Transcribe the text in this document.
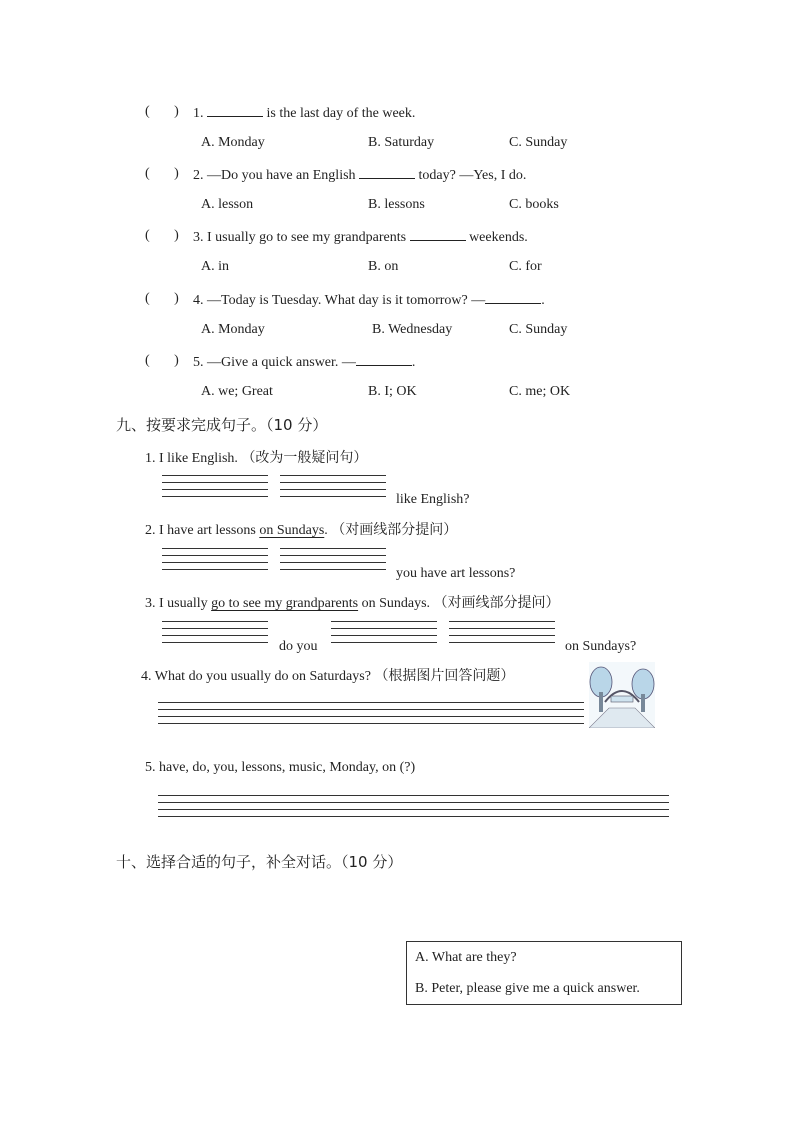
(       ) 1.	is the last day of the week.
A. Monday	B. Saturday	C. Sunday
(       ) 2. —Do you have an English	today? —Yes, I do.
A. lesson	B. lessons	C. books
(       ) 3. I usually go to see my grandparents	weekends.
A. in	B. on	C. for
(       ) 4. —Today is Tuesday. What day is it tomorrow? —	.
A. Monday	B. Wednesday	C. Sunday
(       ) 5. —Give a quick answer. —	.
A. we; Great	B. I; OK	C. me; OK
九、按要求完成句子。（10 分）
1. I like English. （改为一般疑问句）
like English?
2. I have art lessons on Sundays. （对画线部分提问）
you have art lessons?
3. I usually go to see my grandparents on Sundays. （对画线部分提问）
do you	on Sundays?
4. What do you usually do on Saturdays? （根据图片回答问题）
5. have, do, you, lessons, music, Monday, on (?)
十、选择合适的句子，补全对话。（10 分）
A. What are they?
B. Peter, please give me a quick answer.
